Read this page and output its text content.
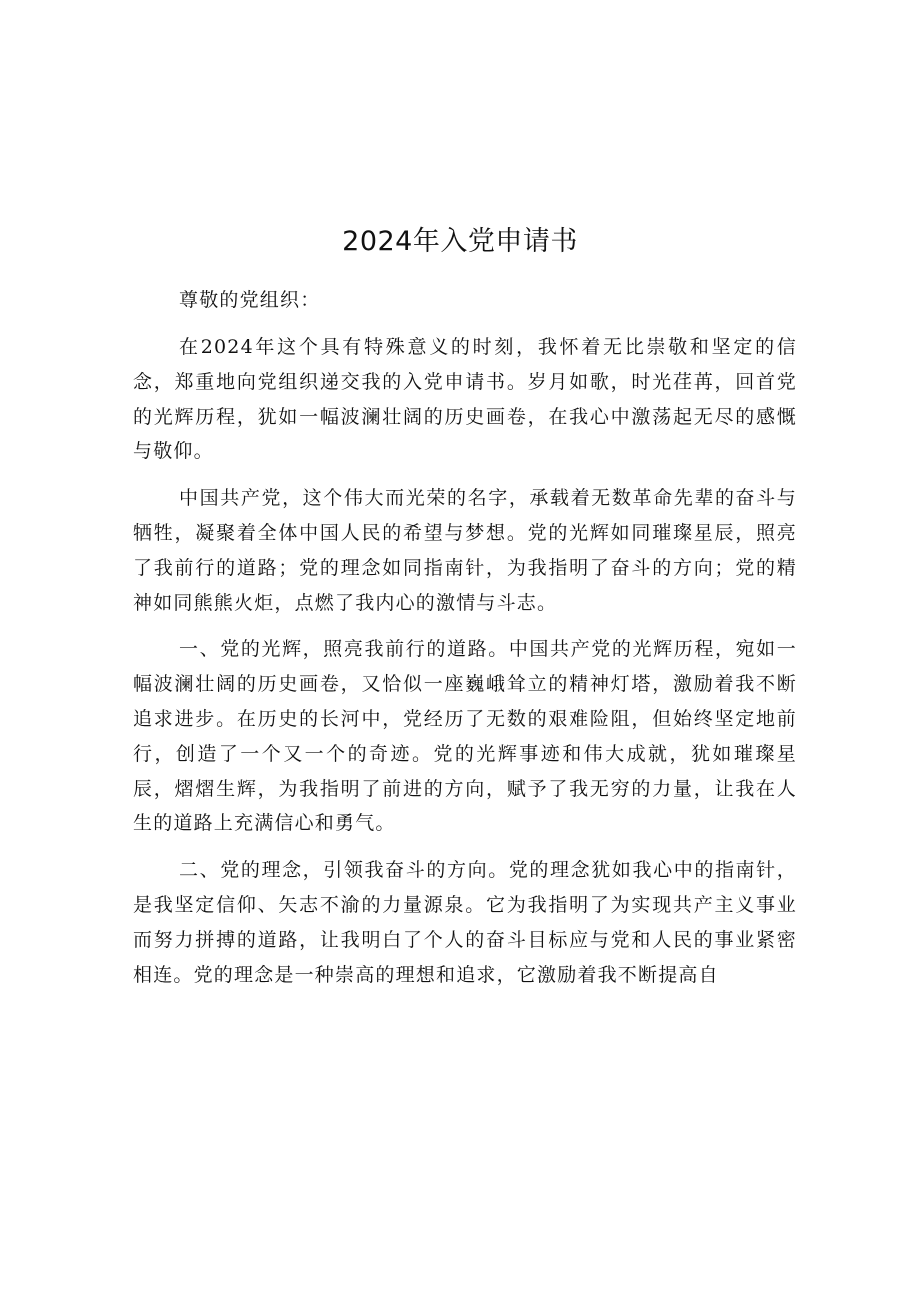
2024年入党申请书

尊敬的党组织：

在2024年这个具有特殊意义的时刻，我怀着无比崇敬和坚定的信念，郑重地向党组织递交我的入党申请书。岁月如歌，时光荏苒，回首党的光辉历程，犹如一幅波澜壮阔的历史画卷，在我心中激荡起无尽的感慨与敬仰。

中国共产党，这个伟大而光荣的名字，承载着无数革命先辈的奋斗与牺牲，凝聚着全体中国人民的希望与梦想。党的光辉如同璀璨星辰，照亮了我前行的道路；党的理念如同指南针，为我指明了奋斗的方向；党的精神如同熊熊火炬，点燃了我内心的激情与斗志。

一、党的光辉，照亮我前行的道路。中国共产党的光辉历程，宛如一幅波澜壮阔的历史画卷，又恰似一座巍峨耸立的精神灯塔，激励着我不断追求进步。在历史的长河中，党经历了无数的艰难险阻，但始终坚定地前行，创造了一个又一个的奇迹。党的光辉事迹和伟大成就，犹如璀璨星辰，熠熠生辉，为我指明了前进的方向，赋予了我无穷的力量，让我在人生的道路上充满信心和勇气。

二、党的理念，引领我奋斗的方向。党的理念犹如我心中的指南针，是我坚定信仰、矢志不渝的力量源泉。它为我指明了为实现共产主义事业而努力拼搏的道路，让我明白了个人的奋斗目标应与党和人民的事业紧密相连。党的理念是一种崇高的理想和追求，它激励着我不断提高自
